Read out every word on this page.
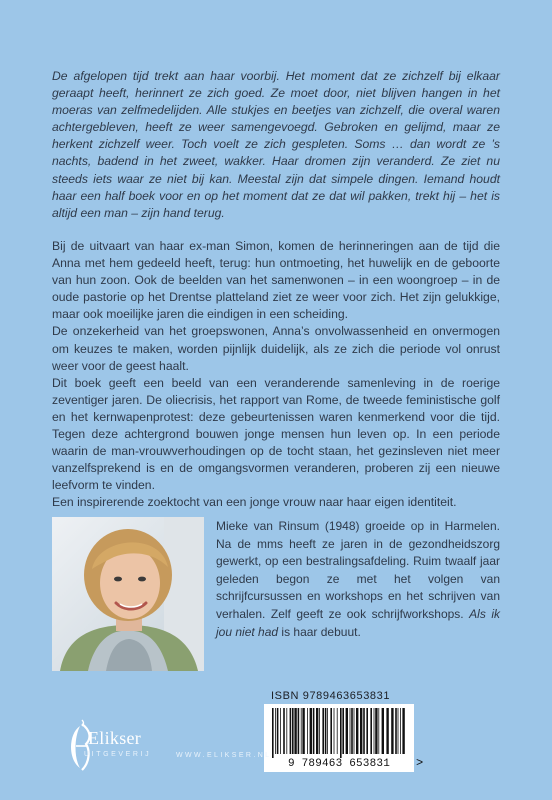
De afgelopen tijd trekt aan haar voorbij. Het moment dat ze zichzelf bij elkaar geraapt heeft, herinnert ze zich goed. Ze moet door, niet blijven hangen in het moeras van zelfmedelijden. Alle stukjes en beetjes van zichzelf, die overal waren achtergebleven, heeft ze weer samengevoegd. Gebroken en gelijmd, maar ze herkent zichzelf weer. Toch voelt ze zich gespleten. Soms … dan wordt ze ’s nachts, badend in het zweet, wakker. Haar dromen zijn veranderd. Ze ziet nu steeds iets waar ze niet bij kan. Meestal zijn dat simpele dingen. Iemand houdt haar een half boek voor en op het moment dat ze dat wil pakken, trekt hij – het is altijd een man – zijn hand terug.

Bij de uitvaart van haar ex-man Simon, komen de herinneringen aan de tijd die Anna met hem gedeeld heeft, terug: hun ontmoeting, het huwelijk en de geboorte van hun zoon. Ook de beelden van het samenwonen – in een woongroep – in de oude pastorie op het Drentse platteland ziet ze weer voor zich. Het zijn gelukkige, maar ook moeilijke jaren die eindigen in een scheiding.

De onzekerheid van het groepswonen, Anna’s onvolwassenheid en onvermogen om keuzes te maken, worden pijnlijk duidelijk, als ze zich die periode vol onrust weer voor de geest haalt.

Dit boek geeft een beeld van een veranderende samenleving in de roerige zeventiger jaren. De oliecrisis, het rapport van Rome, de tweede feministische golf en het kernwapenprotest: deze gebeurtenissen waren kenmerkend voor die tijd. Tegen deze achtergrond bouwen jonge mensen hun leven op. In een periode waarin de man-vrouwverhoudingen op de tocht staan, het gezinsleven niet meer vanzelfsprekend is en de omgangsvormen veranderen, proberen zij een nieuwe leefvorm te vinden.

Een inspirerende zoektocht van een jonge vrouw naar haar eigen identiteit.

Mieke van Rinsum (1948) groeide op in Harmelen. Na de mms heeft ze jaren in de gezondheidszorg gewerkt, op een bestralingsafdeling. Ruim twaalf jaar geleden begon ze met het volgen van schrijfcursussen en workshops en het schrijven van verhalen. Zelf geeft ze ook schrijfworkshops. Als ik jou niet had is haar debuut.

ISBN 9789463653831
9 789463 653831	>
Elikser
UITGEVERIJ	WWW.ELIKSER.NL
